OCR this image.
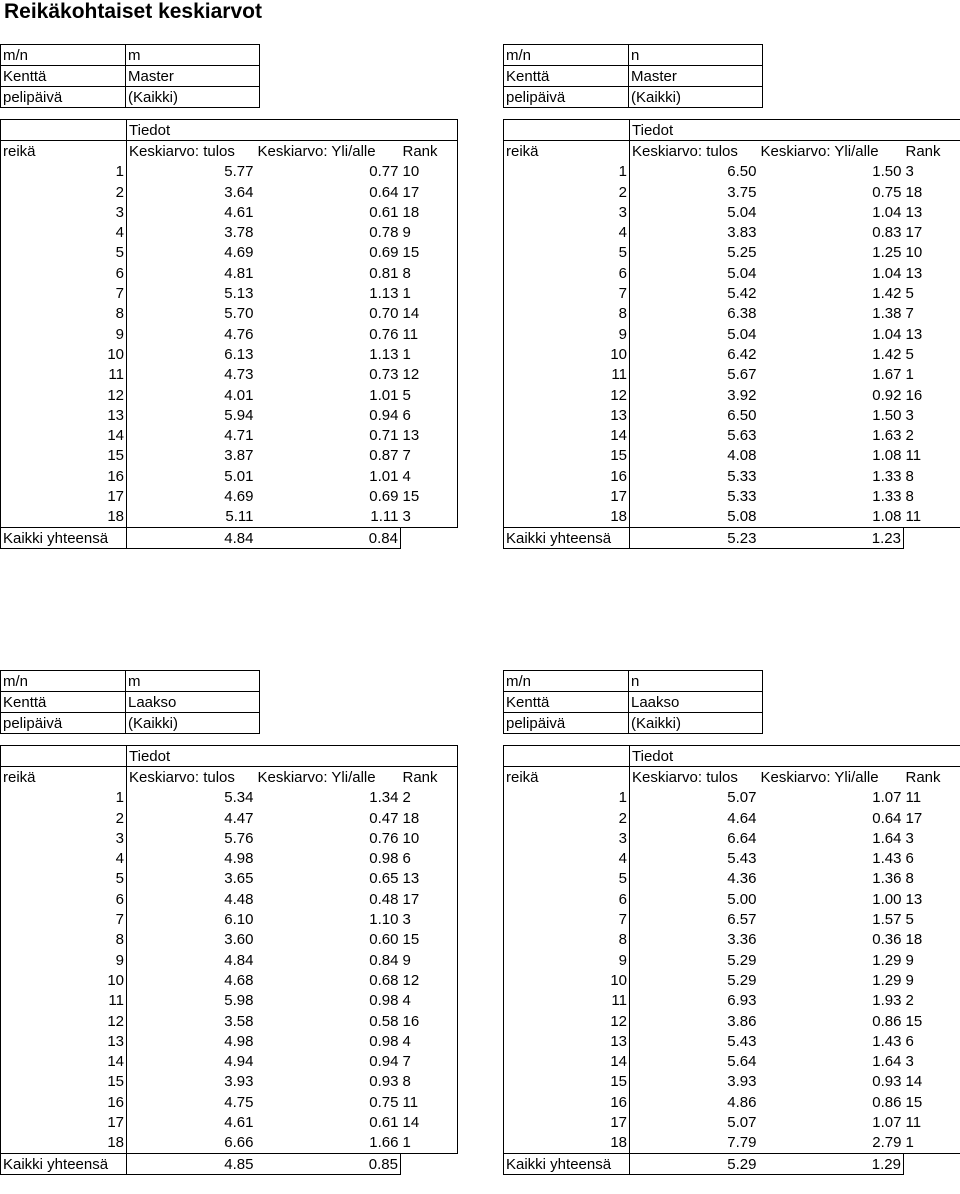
Reikäkohtaiset keskiarvot
m/n	m
Kenttä	Master
pelipäivä	(Kaikki)
	Tiedot		
reikä	Keskiarvo: tulos	Keskiarvo: Yli/alle	Rank
1	5.77	0.77	10
2	3.64	0.64	17
3	4.61	0.61	18
4	3.78	0.78	9
5	4.69	0.69	15
6	4.81	0.81	8
7	5.13	1.13	1
8	5.70	0.70	14
9	4.76	0.76	11
10	6.13	1.13	1
11	4.73	0.73	12
12	4.01	1.01	5
13	5.94	0.94	6
14	4.71	0.71	13
15	3.87	0.87	7
16	5.01	1.01	4
17	4.69	0.69	15
18	5.11	1.11	3
Kaikki yhteensä	4.84	0.84	
m/n	n
Kenttä	Master
pelipäivä	(Kaikki)
	Tiedot		
reikä	Keskiarvo: tulos	Keskiarvo: Yli/alle	Rank
1	6.50	1.50	3
2	3.75	0.75	18
3	5.04	1.04	13
4	3.83	0.83	17
5	5.25	1.25	10
6	5.04	1.04	13
7	5.42	1.42	5
8	6.38	1.38	7
9	5.04	1.04	13
10	6.42	1.42	5
11	5.67	1.67	1
12	3.92	0.92	16
13	6.50	1.50	3
14	5.63	1.63	2
15	4.08	1.08	11
16	5.33	1.33	8
17	5.33	1.33	8
18	5.08	1.08	11
Kaikki yhteensä	5.23	1.23	
m/n	m
Kenttä	Laakso
pelipäivä	(Kaikki)
	Tiedot		
reikä	Keskiarvo: tulos	Keskiarvo: Yli/alle	Rank
1	5.34	1.34	2
2	4.47	0.47	18
3	5.76	0.76	10
4	4.98	0.98	6
5	3.65	0.65	13
6	4.48	0.48	17
7	6.10	1.10	3
8	3.60	0.60	15
9	4.84	0.84	9
10	4.68	0.68	12
11	5.98	0.98	4
12	3.58	0.58	16
13	4.98	0.98	4
14	4.94	0.94	7
15	3.93	0.93	8
16	4.75	0.75	11
17	4.61	0.61	14
18	6.66	1.66	1
Kaikki yhteensä	4.85	0.85	
m/n	n
Kenttä	Laakso
pelipäivä	(Kaikki)
	Tiedot		
reikä	Keskiarvo: tulos	Keskiarvo: Yli/alle	Rank
1	5.07	1.07	11
2	4.64	0.64	17
3	6.64	1.64	3
4	5.43	1.43	6
5	4.36	1.36	8
6	5.00	1.00	13
7	6.57	1.57	5
8	3.36	0.36	18
9	5.29	1.29	9
10	5.29	1.29	9
11	6.93	1.93	2
12	3.86	0.86	15
13	5.43	1.43	6
14	5.64	1.64	3
15	3.93	0.93	14
16	4.86	0.86	15
17	5.07	1.07	11
18	7.79	2.79	1
Kaikki yhteensä	5.29	1.29	
